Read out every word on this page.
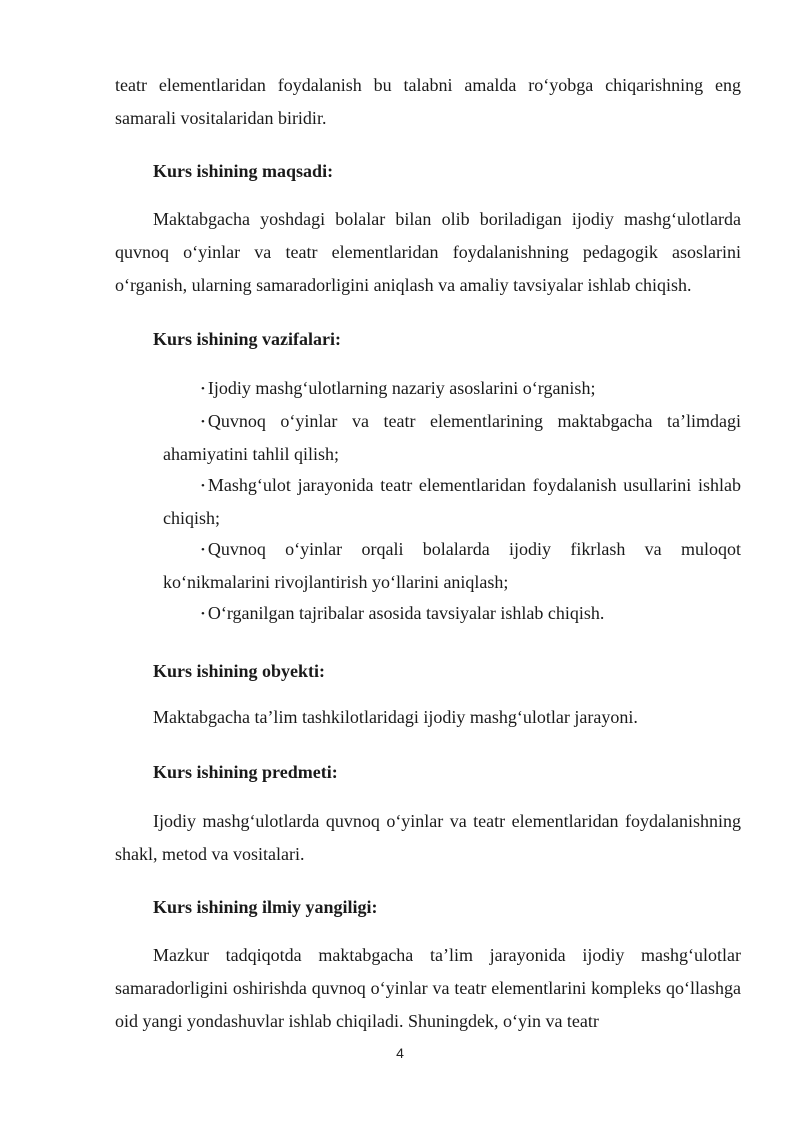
teatr elementlaridan foydalanish bu talabni amalda ro‘yobga chiqarishning eng samarali vositalaridan biridir.

Kurs ishining maqsadi:

Maktabgacha yoshdagi bolalar bilan olib boriladigan ijodiy mashg‘ulotlarda quvnoq o‘yinlar va teatr elementlaridan foydalanishning pedagogik asoslarini o‘rganish, ularning samaradorligini aniqlash va amaliy tavsiyalar ishlab chiqish.

Kurs ishining vazifalari:

• Ijodiy mashg‘ulotlarning nazariy asoslarini o‘rganish;

• Quvnoq o‘yinlar va teatr elementlarining maktabgacha ta’limdagi ahamiyatini tahlil qilish;

• Mashg‘ulot jarayonida teatr elementlaridan foydalanish usullarini ishlab chiqish;

• Quvnoq o‘yinlar orqali bolalarda ijodiy fikrlash va muloqot ko‘nikmalarini rivojlantirish yo‘llarini aniqlash;

• O‘rganilgan tajribalar asosida tavsiyalar ishlab chiqish.

Kurs ishining obyekti:

Maktabgacha ta’lim tashkilotlaridagi ijodiy mashg‘ulotlar jarayoni.

Kurs ishining predmeti:

Ijodiy mashg‘ulotlarda quvnoq o‘yinlar va teatr elementlaridan foydalanishning shakl, metod va vositalari.

Kurs ishining ilmiy yangiligi:

Mazkur tadqiqotda maktabgacha ta’lim jarayonida ijodiy mashg‘ulotlar samaradorligini oshirishda quvnoq o‘yinlar va teatr elementlarini kompleks qo‘llashga oid yangi yondashuvlar ishlab chiqiladi. Shuningdek, o‘yin va teatr

4
